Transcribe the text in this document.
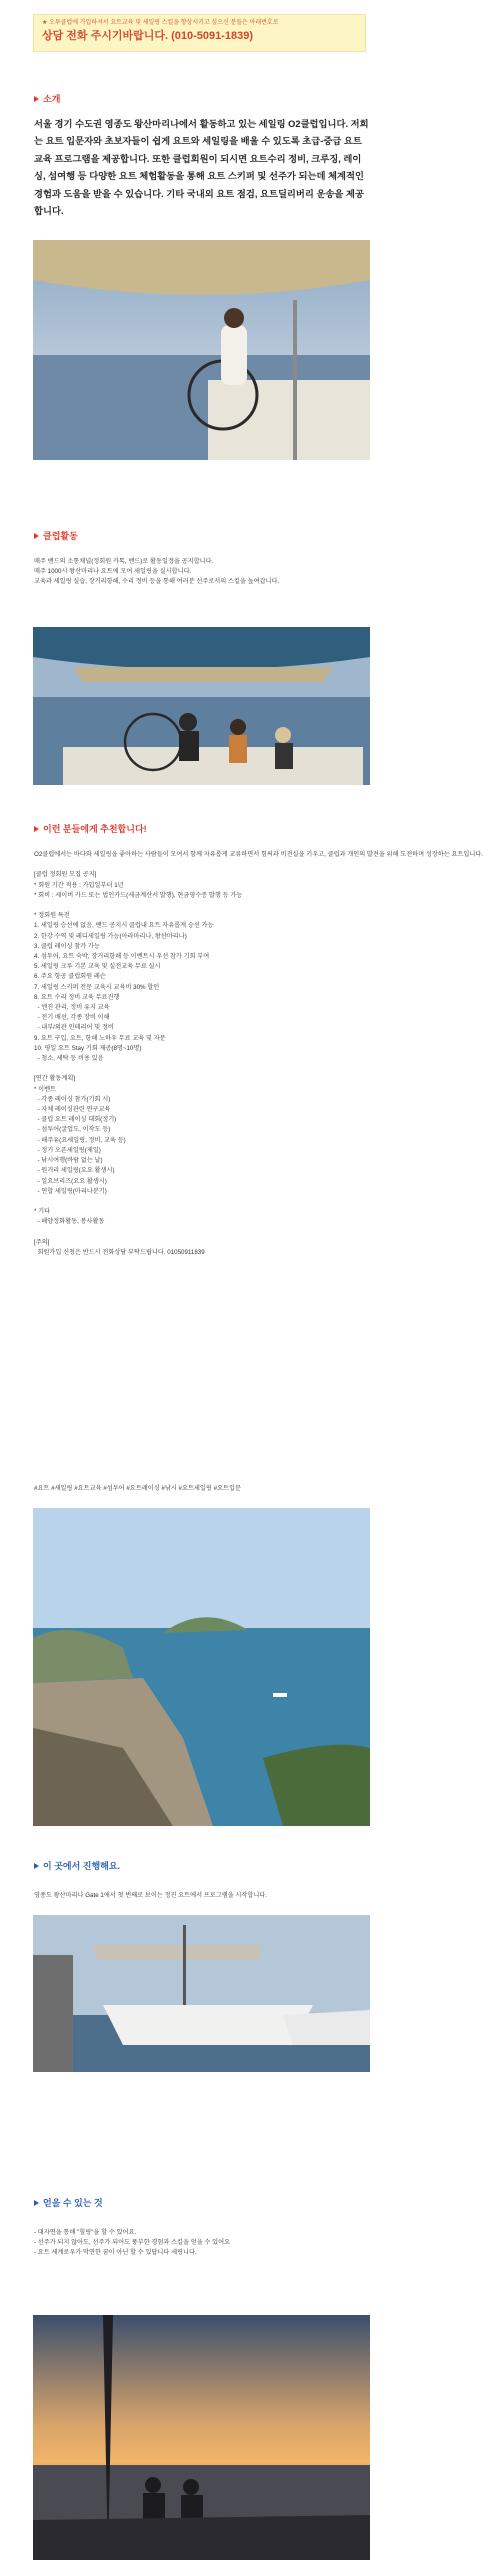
★ 오투클럽에 가입하셔서 요트교육 및 세일링 스킬을 향상시키고 싶으신 분들은 아래번호로
상담 전화 주시기바랍니다. (010-5091-1839)
소개
서울 경기 수도권 영종도 왕산마리나에서 활동하고 있는 세일링 O2클럽입니다. 저희는 요트 입문자와 초보자들이 쉽게 요트와 세일링을 배울 수 있도록 초급-중급 요트교육 프로그램을 제공합니다. 또한 클럽회원이 되시면 요트수리 정비, 크루징, 레이싱, 섬여행 등 다양한 요트 체험활동을 통해 요트 스키퍼 및 선주가 되는데 체계적인 경험과 도움을 받을 수 있습니다. 기타 국내외 요트 점검, 요트딜리버리 운송을 제공합니다.
클럽활동
매주 밴드의 소통채널(정회원 카톡, 밴드)로 활동일정을 공지합니다.
매주 1000시 왕산마리나 요트에 모여 세일링을 실시합니다.
교육과 세일링 실습, 장거리항해, 수리 정비 등을 통해 여러분 선주로서의 스킬을 높여갑니다.
이런 분들에게 추천합니다!
O2클럽에서는 바다와 세일링을 좋아하는 사람들이 모여서 함께 자유롭게 교류하면서 힘써과 비전실을 키우고, 클럽과 개인의 발전을 위해 도전하며 성장하는 요트입니다.

[클럽 정회원 모집 공지]
* 회원 기간 적용 : 가입일부터 1년
* 회비 : 세이버 카드 또는 법인카드(세금계산서 발행), 현금영수증 발행 등 가능

* 정회원 특전
1. 세일링 승선에 없음, 밴드 공지시 클럽내 요트 자유롭게 승선 가능
2. 한강 수역 및 레디세일링 가능(아라마리나, 왕산마리나)
3. 클럽 레이싱 참가 가능
4. 섬투어, 요트 숙박, 장거리항해 등 이벤트시 우선 참가 기회 부여
5. 세일링 크루 기본 교육 및 실전교육 무료 실시
6. 주요 항공 클럽회원 레슨
7. 세일링 스키퍼 전문 교육시 교육비 30% 할인
8. 요트 수리 정비 교육 무료진행
- 엔진 관리, 정비 유지 교육
- 전기 배선, 각종 장비 이해
- 내부/외관 인테리어 및 정비
9. 요트 구입, 요트, 항해 노하우 무료 교육 및 자문
10. 평일 요트 Stay 기회 제공(8명~10명)
- 청소, 세탁 등 비용 있음

[연간 활동계획]
* 이벤트
- 각종 레이싱 참가(기회 시)
- 자체 레이싱관련 연구교육
- 클럽 요트 레이싱 대회(정기)
- 섬투어(굴업도, 이작도 등)
- 해주유(요세일링, 정비, 교육 등)
- 정기 오픈세일링(제일)
- 낚시여행(바람 없는 날)
- 원거리 세일링(요요 활생시)
- 일요브리즈(요요 활생시)
- 연합 세일링(마리나분기)

* 기타
- 해양정화활동, 봉사활동

[주의]
회원가입 신청은 반드시 전화상담 부탁드립니다. 01050911839
#요트 #세일링 #요트교육 #섬투어 #요트레이싱 #낚시 #요트세일링 #요트입문
이 곳에서 진행해요.
영종도 왕산마리나 Gate 1에서 첫 번째로 보이는 정진 요트에서 프로그램을 시작합니다.
얻을 수 있는 것
- 대자연을 통해 "힐링"을 할 수 있어요.
- 선주가 되지 않아도, 선주가 되어도 풍부한 경험과 스킬을 얻을 수 있어요
- 요트 세계로우가 막연한 꿈이 아닌 할 수 있답니다 세링니다.
